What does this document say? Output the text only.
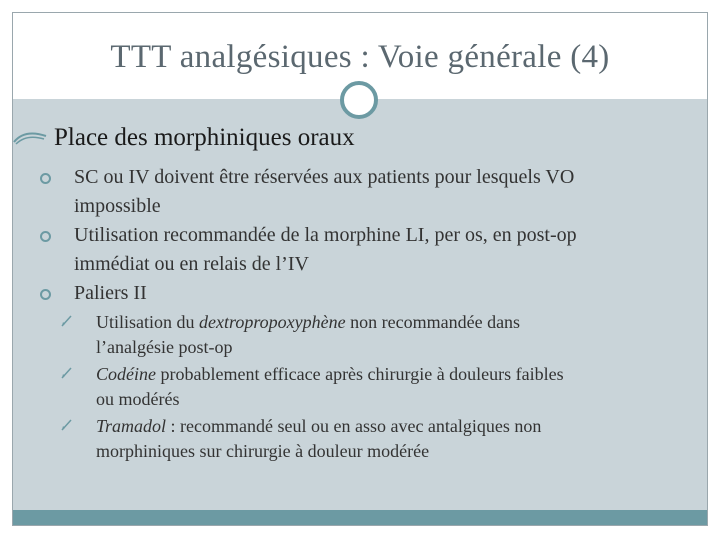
TTT analgésiques : Voie générale (4)
Place des morphiniques oraux
SC ou IV doivent être réservées aux patients pour lesquels VO
impossible
Utilisation recommandée de la morphine LI, per os, en post-op
immédiat ou en relais de l’IV
Paliers II
Utilisation du dextropropoxyphène non recommandée dans
l’analgésie post-op
Codéine probablement efficace après chirurgie à douleurs faibles
ou modérés
Tramadol : recommandé seul ou en asso avec antalgiques non
morphiniques sur chirurgie à douleur modérée
